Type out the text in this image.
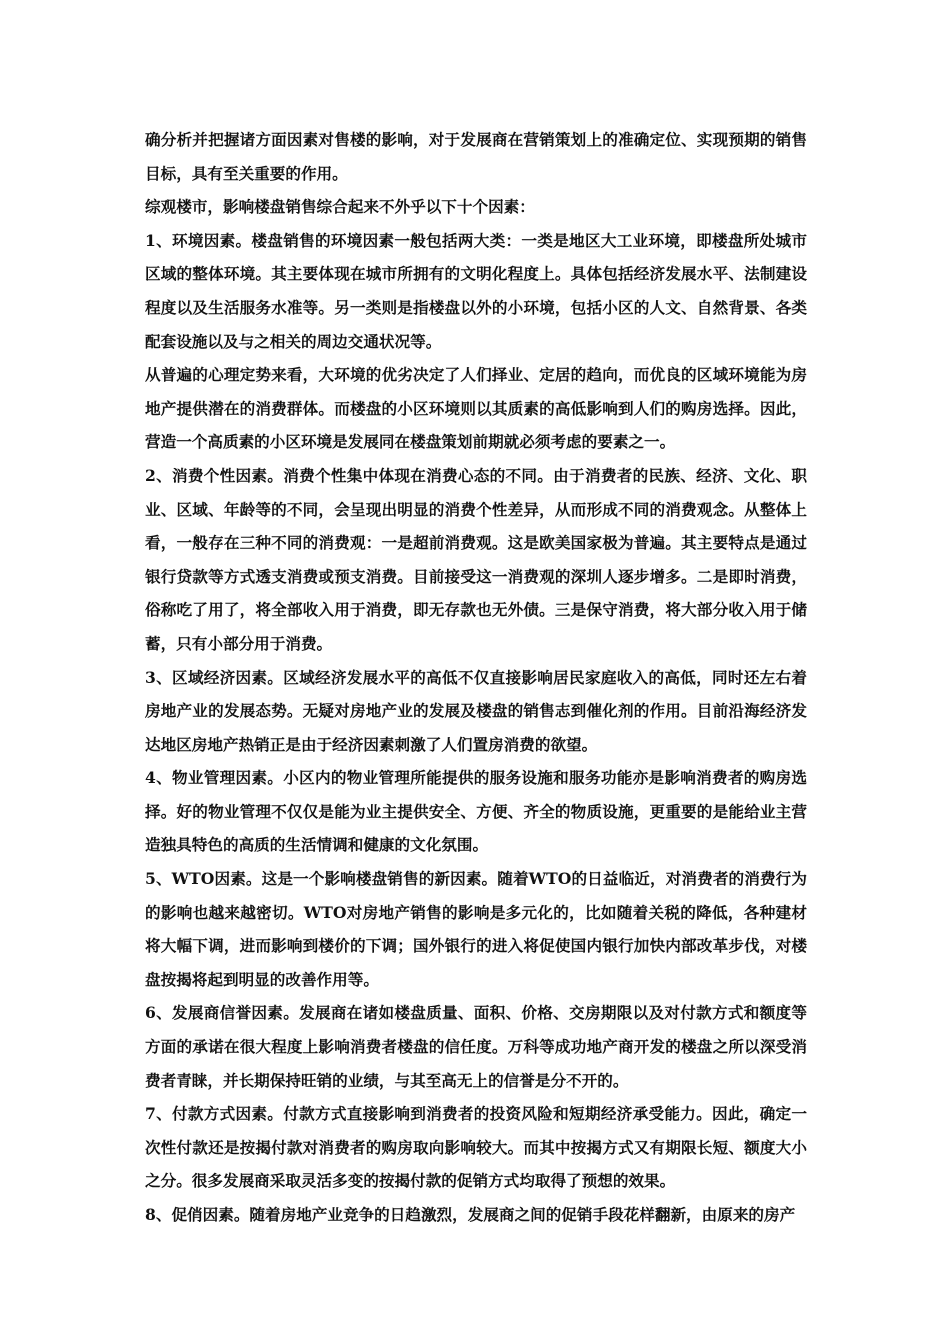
确分析并把握诸方面因素对售楼的影响，对于发展商在营销策划上的准确定位、实现预期的销售目标，具有至关重要的作用。

综观楼市，影响楼盘销售综合起来不外乎以下十个因素：

1、环境因素。楼盘销售的环境因素一般包括两大类：一类是地区大工业环境，即楼盘所处城市区域的整体环境。其主要体现在城市所拥有的文明化程度上。具体包括经济发展水平、法制建设程度以及生活服务水准等。另一类则是指楼盘以外的小环境，包括小区的人文、自然背景、各类配套设施以及与之相关的周边交通状况等。

从普遍的心理定势来看，大环境的优劣决定了人们择业、定居的趋向，而优良的区域环境能为房地产提供潜在的消费群体。而楼盘的小区环境则以其质素的高低影响到人们的购房选择。因此，营造一个高质素的小区环境是发展同在楼盘策划前期就必须考虑的要素之一。

2、消费个性因素。消费个性集中体现在消费心态的不同。由于消费者的民族、经济、文化、职业、区域、年龄等的不同，会呈现出明显的消费个性差异，从而形成不同的消费观念。从整体上看，一般存在三种不同的消费观：一是超前消费观。这是欧美国家极为普遍。其主要特点是通过银行贷款等方式透支消费或预支消费。目前接受这一消费观的深圳人逐步增多。二是即时消费，俗称吃了用了，将全部收入用于消费，即无存款也无外债。三是保守消费，将大部分收入用于储蓄，只有小部分用于消费。

3、区域经济因素。区域经济发展水平的高低不仅直接影响居民家庭收入的高低，同时还左右着房地产业的发展态势。无疑对房地产业的发展及楼盘的销售志到催化剂的作用。目前沿海经济发达地区房地产热销正是由于经济因素刺激了人们置房消费的欲望。

4、物业管理因素。小区内的物业管理所能提供的服务设施和服务功能亦是影响消费者的购房选择。好的物业管理不仅仅是能为业主提供安全、方便、齐全的物质设施，更重要的是能给业主营造独具特色的高质的生活情调和健康的文化氛围。

5、WTO因素。这是一个影响楼盘销售的新因素。随着WTO的日益临近，对消费者的消费行为的影响也越来越密切。WTO对房地产销售的影响是多元化的，比如随着关税的降低，各种建材将大幅下调，进而影响到楼价的下调；国外银行的进入将促使国内银行加快内部改革步伐，对楼盘按揭将起到明显的改善作用等。

6、发展商信誉因素。发展商在诸如楼盘质量、面积、价格、交房期限以及对付款方式和额度等方面的承诺在很大程度上影响消费者楼盘的信任度。万科等成功地产商开发的楼盘之所以深受消费者青睐，并长期保持旺销的业绩，与其至高无上的信誉是分不开的。

7、付款方式因素。付款方式直接影响到消费者的投资风险和短期经济承受能力。因此，确定一次性付款还是按揭付款对消费者的购房取向影响较大。而其中按揭方式又有期限长短、额度大小之分。很多发展商采取灵活多变的按揭付款的促销方式均取得了预想的效果。

8、促俏因素。随着房地产业竞争的日趋激烈，发展商之间的促销手段花样翻新，由原来的房产
